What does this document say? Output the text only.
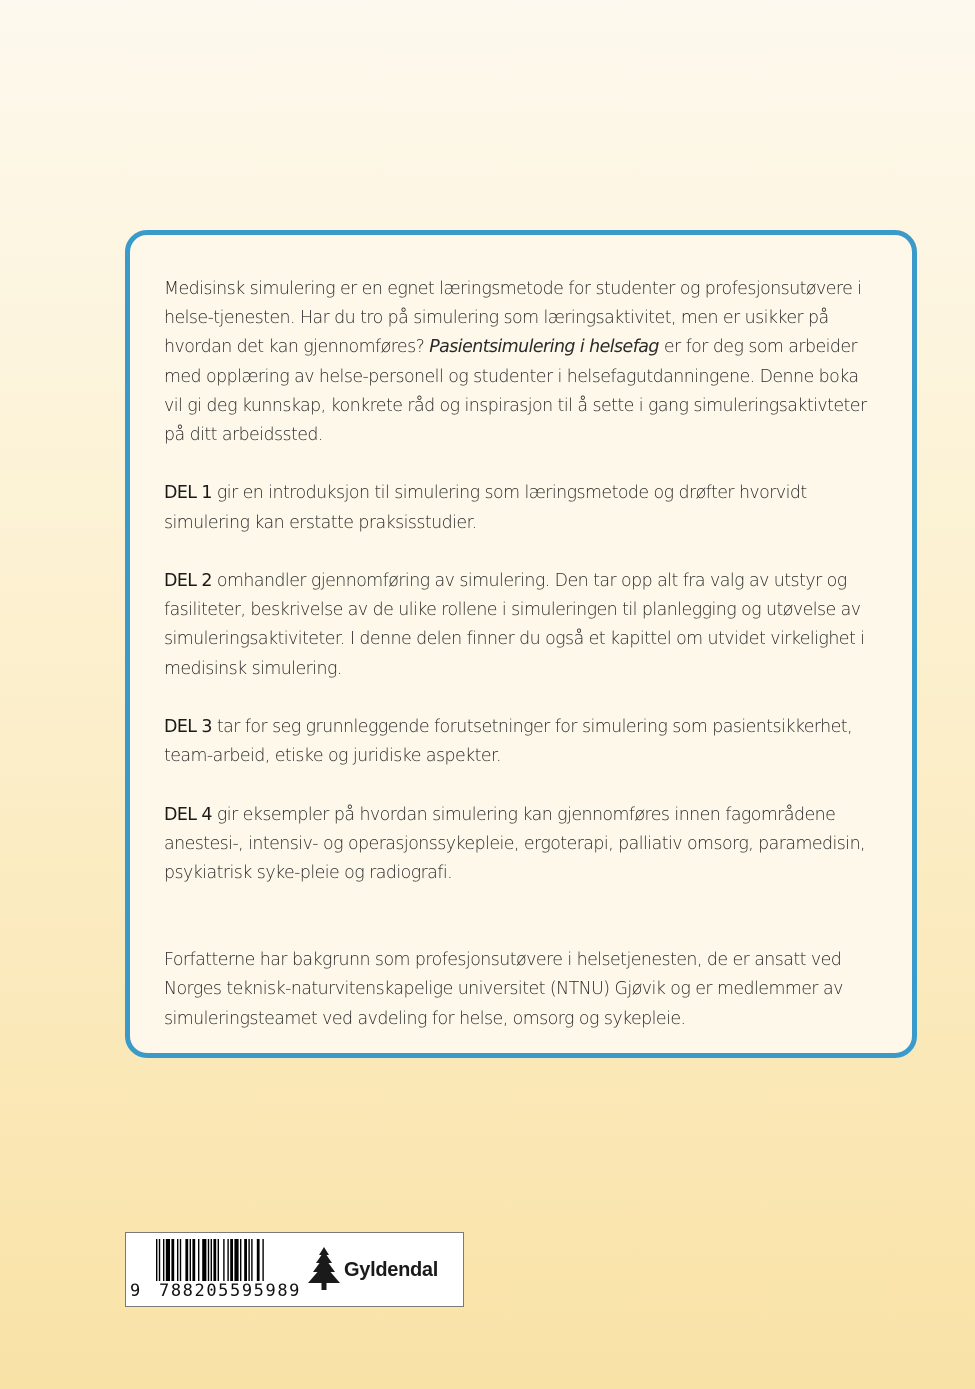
Medisinsk simulering er en egnet læringsmetode for studenter og profesjonsutøvere i helse-tjenesten. Har du tro på simulering som læringsaktivitet, men er usikker på hvordan det kan gjennomføres? Pasientsimulering i helsefag er for deg som arbeider med opplæring av helse-personell og studenter i helsefagutdanningene. Denne boka vil gi deg kunnskap, konkrete råd og inspirasjon til å sette i gang simuleringsaktivteter på ditt arbeidssted.

DEL 1 gir en introduksjon til simulering som læringsmetode og drøfter hvorvidt simulering kan erstatte praksisstudier.

DEL 2 omhandler gjennomføring av simulering. Den tar opp alt fra valg av utstyr og fasiliteter, beskrivelse av de ulike rollene i simuleringen til planlegging og utøvelse av simuleringsaktiviteter. I denne delen finner du også et kapittel om utvidet virkelighet i medisinsk simulering.

DEL 3 tar for seg grunnleggende forutsetninger for simulering som pasientsikkerhet, team-arbeid, etiske og juridiske aspekter.

DEL 4 gir eksempler på hvordan simulering kan gjennomføres innen fagområdene anestesi-, intensiv- og operasjonssykepleie, ergoterapi, palliativ omsorg, paramedisin, psykiatrisk syke-pleie og radiografi.

Forfatterne har bakgrunn som profesjonsutøvere i helsetjenesten, de er ansatt ved Norges teknisk-naturvitenskapelige universitet (NTNU) Gjøvik og er medlemmer av simuleringsteamet ved avdeling for helse, omsorg og sykepleie.

9 788205595989
Gyldendal
